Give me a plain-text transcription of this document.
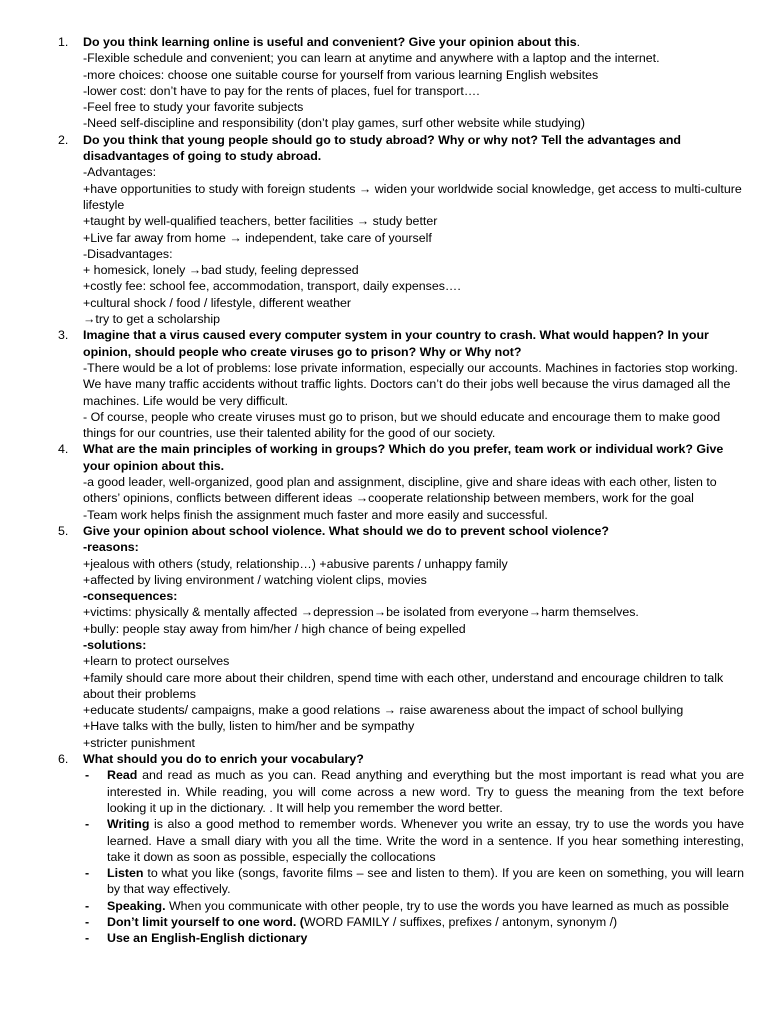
1. Do you think learning online is useful and convenient? Give your opinion about this.
-Flexible schedule and convenient; you can learn at anytime and anywhere with a laptop and the internet.
-more choices: choose one suitable course for yourself from various learning English websites
-lower cost: don’t have to pay for the rents of places, fuel for transport….
-Feel free to study your favorite subjects
-Need self-discipline and responsibility (don’t play games, surf other website while studying)
2. Do you think that young people should go to study abroad? Why or why not? Tell the advantages and disadvantages of going to study abroad.
-Advantages:
+have opportunities to study with foreign students → widen your worldwide social knowledge, get access to multi-culture lifestyle
+taught by well-qualified teachers, better facilities → study better
+Live far away from home → independent, take care of yourself
-Disadvantages:
+ homesick, lonely →bad study, feeling depressed
+costly fee: school fee, accommodation, transport, daily expenses….
+cultural shock / food / lifestyle, different weather
→try to get a scholarship
3. Imagine that a virus caused every computer system in your country to crash. What would happen? In your opinion, should people who create viruses go to prison? Why or Why not?
-There would be a lot of problems: lose private information, especially our accounts. Machines in factories stop working. We have many traffic accidents without traffic lights. Doctors can’t do their jobs well because the virus damaged all the machines. Life would be very difficult.
- Of course, people who create viruses must go to prison, but we should educate and encourage them to make good things for our countries, use their talented ability for the good of our society.
4. What are the main principles of working in groups? Which do you prefer, team work or individual work? Give your opinion about this.
-a good leader, well-organized, good plan and assignment, discipline, give and share ideas with each other, listen to others’ opinions, conflicts between different ideas →cooperate relationship between members, work for the goal
-Team work helps finish the assignment much faster and more easily and successful.
5. Give your opinion about school violence. What should we do to prevent school violence?
-reasons:
+jealous with others (study, relationship…) +abusive parents / unhappy family
+affected by living environment / watching violent clips, movies
-consequences:
+victims: physically & mentally affected →depression→be isolated from everyone→harm themselves.
+bully: people stay away from him/her / high chance of being expelled
-solutions:
+learn to protect ourselves
+family should care more about their children, spend time with each other, understand and encourage children to talk about their problems
+educate students/ campaigns, make a good relations → raise awareness about the impact of school bullying
+Have talks with the bully, listen to him/her and be sympathy
+stricter punishment
6. What should you do to enrich your vocabulary?
- Read and read as much as you can. Read anything and everything but the most important is read what you are interested in. While reading, you will come across a new word. Try to guess the meaning from the text before looking it up in the dictionary. . It will help you remember the word better.
- Writing is also a good method to remember words. Whenever you write an essay, try to use the words you have learned. Have a small diary with you all the time. Write the word in a sentence. If you hear something interesting, take it down as soon as possible, especially the collocations
- Listen to what you like (songs, favorite films – see and listen to them). If you are keen on something, you will learn by that way effectively.
- Speaking. When you communicate with other people, try to use the words you have learned as much as possible
- Don’t limit yourself to one word. (WORD FAMILY / suffixes, prefixes / antonym, synonym /)
- Use an English-English dictionary
